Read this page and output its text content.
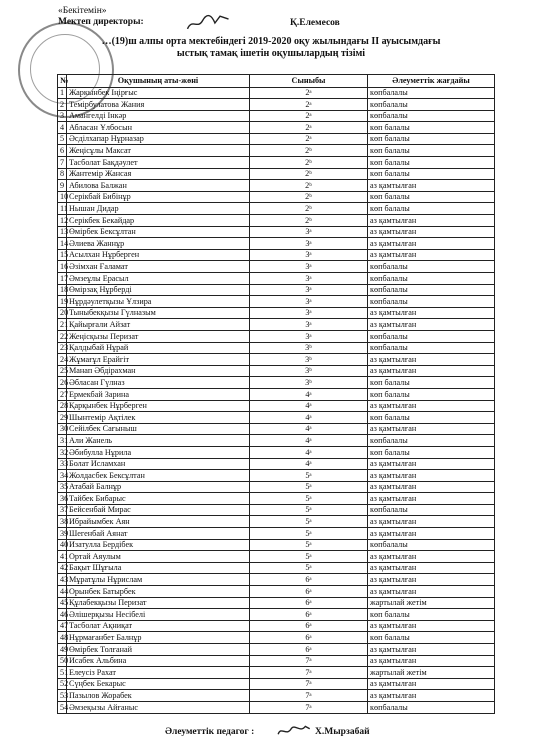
«Бекітемін»
Мектеп директоры:	Қ.Елемесов
…(19)ш алпы орта мектебіндегі 2019-2020 оқу жылындағы II ауысымдағы
ыстық тамақ ішетін оқушылардың тізімі
№	Оқушының аты-жөні	Сыныбы	Әлеуметтік жағдайы
1	Жаркынбек Іңірғыс	2ᵃ	көпбалалы
2	Темірбулатова Жания	2ᵃ	көпбалалы
3	Амангелді Інкәр	2ᵃ	көпбалалы
4	Абласан Ұлбосын	2ᵃ	көп балалы
5	Әсділхапар Нұрназар	2ᵃ	көп балалы
6	Жеңісұлы Максат	2ᵇ	көп балалы
7	Тасболат Бақдәулет	2ᵇ	көп балалы
8	Жантемір Жансая	2ᵇ	көп балалы
9	Абилова Балжан	2ᵇ	аз қамтылған
10	Серікбай Бибінұр	2ᵇ	көп балалы
11	Нышан Дидар	2ᵇ	көп балалы
12	Серікбек Бекайдар	2ᵇ	аз қамтылған
13	Өмірбек Бексұлтан	3ᵃ	аз қамтылған
14	Әлиева Жаннұр	3ᵃ	аз қамтылған
15	Асылхан Нұрберген	3ᵃ	аз қамтылған
16	Әзімхан Ғаламат	3ᵃ	көпбалалы
17	Әмзеұлы Ерасыл	3ᵃ	көпбалалы
18	Өмірзақ Нұрберді	3ᵃ	көпбалалы
19	Нұрдәулетқызы Ұлзира	3ᵃ	көпбалалы
20	Тыныбекқызы Гүлназым	3ᵃ	аз қамтылған
21	Қайырғали Айзат	3ᵃ	аз қамтылған
22	Жеңісқызы Перизат	3ᵃ	көпбалалы
23	Қалдыбай Нұрай	3ᵇ	көпбалалы
24	Жұмағұл Ерайгіт	3ᵇ	аз қамтылған
25	Манап Әбдірахман	3ᵇ	аз қамтылған
26	Әбласан Гүлназ	3ᵇ	көп балалы
27	Ермекбай Зарина	4ᵃ	көп балалы
28	Қарқынбек Нұрберген	4ᵃ	аз қамтылған
29	Шынтемір Ақтілек	4ᵃ	көп балалы
30	Сейілбек Сағыныш	4ᵃ	аз қамтылған
31	Али Жанель	4ᵃ	көпбалалы
32	Әбибулла Нұрила	4ᵃ	көп балалы
33	Болат Исламхан	4ᵃ	аз қамтылған
34	Жолдасбек Бексұлтан	5ᵃ	аз қамтылған
35	Атабай Балнұр	5ᵃ	аз қамтылған
36	Тайбек Бибарыс	5ᵃ	аз қамтылған
37	Бейсенбай Мирас	5ᵃ	көпбалалы
38	Ибрайымбек Аян	5ᵃ	аз қамтылған
39	Шегенбай Аянат	5ᵃ	аз қамтылған
40	Изатулла Бердібек	5ᵃ	көпбалалы
41	Ортай Аяулым	5ᵃ	аз қамтылған
42	Бақыт Шұғыла	5ᵃ	аз қамтылған
43	Мұратұлы Нұрислам	6ᵃ	аз қамтылған
44	Орынбек Батырбек	6ᵃ	аз қамтылған
45	Құлабекқызы Перизат	6ᵃ	жартылай жетім
46	Әлішерқызы Несібелі	6ᵃ	көп балалы
47	Тасболат Ақниқат	6ᵃ	аз қамтылған
48	Нұрмағанбет Балнұр	6ᵃ	көп балалы
49	Өмірбек Толғанай	6ᵃ	аз қамтылған
50	Исабек Альбина	7ᵃ	аз қамтылған
51	Елеусіз Рахат	7ᵃ	жартылай жетім
52	Сүңбек Бекарыс	7ᵃ	аз қамтылған
53	Пазылов Жорабек	7ᵃ	аз қамтылған
54	Әмзеқызы Айғаныс	7ᵃ	көпбалалы
Әлеуметтік педагог :	Х.Мырзабай
